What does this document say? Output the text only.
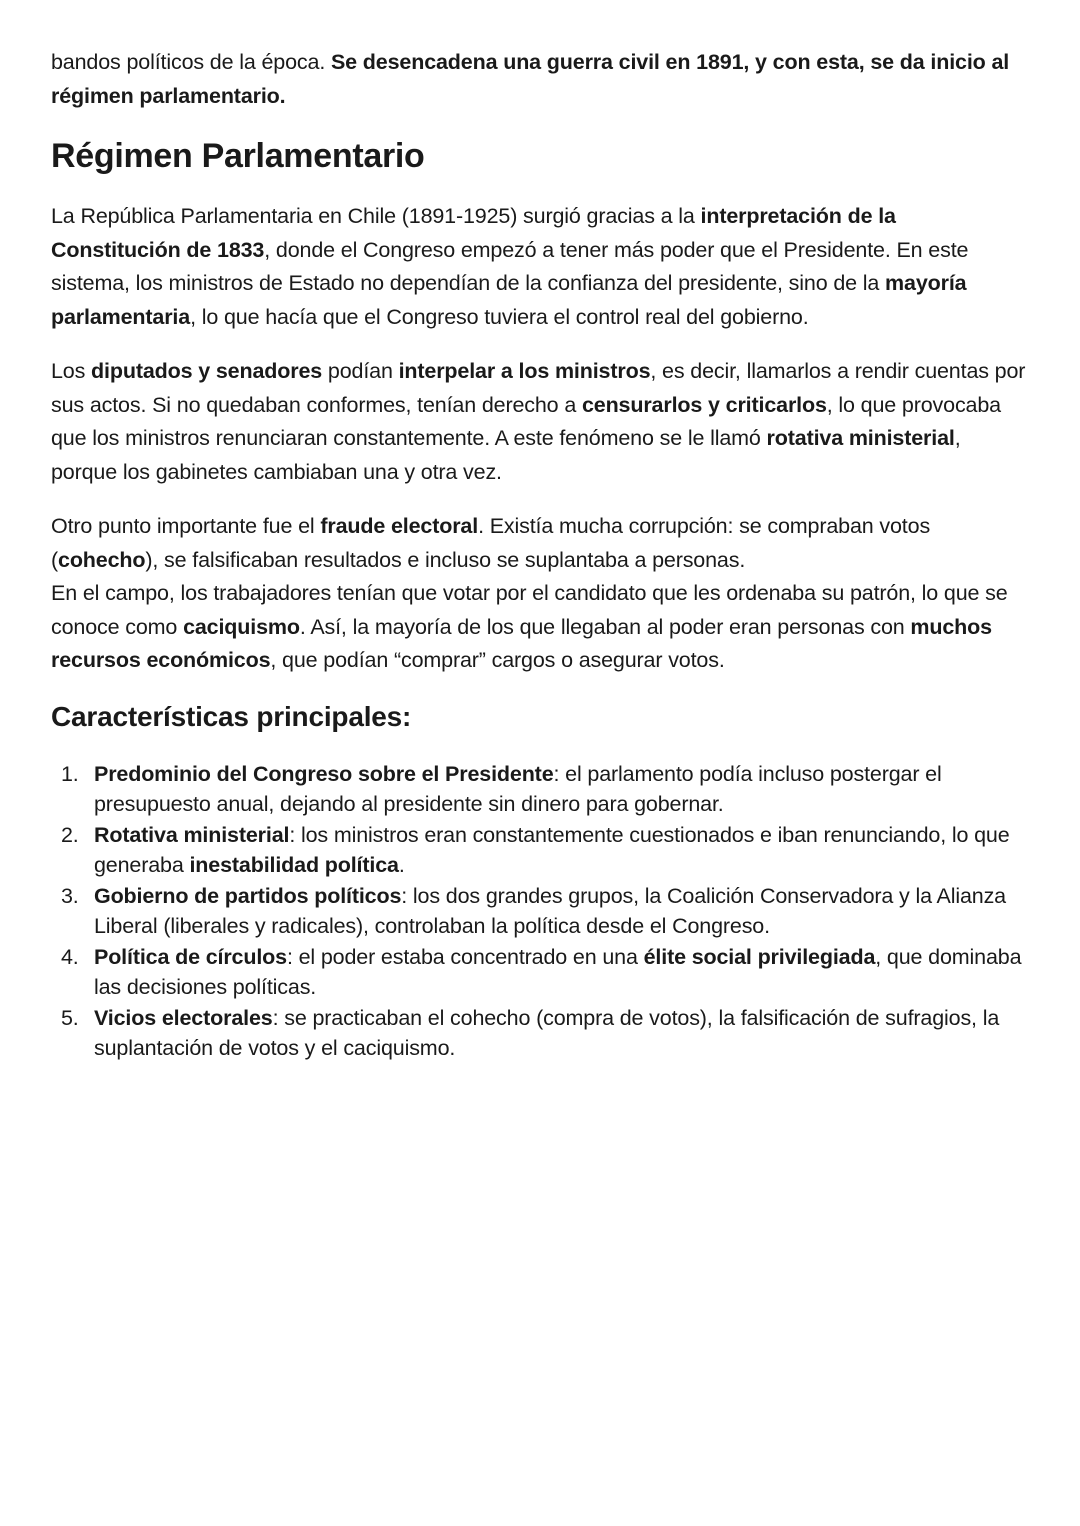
bandos políticos de la época. Se desencadena una guerra civil en 1891, y con esta, se da inicio al régimen parlamentario.

Régimen Parlamentario

La República Parlamentaria en Chile (1891-1925) surgió gracias a la interpretación de la Constitución de 1833, donde el Congreso empezó a tener más poder que el Presidente. En este sistema, los ministros de Estado no dependían de la confianza del presidente, sino de la mayoría parlamentaria, lo que hacía que el Congreso tuviera el control real del gobierno.

Los diputados y senadores podían interpelar a los ministros, es decir, llamarlos a rendir cuentas por sus actos. Si no quedaban conformes, tenían derecho a censurarlos y criticarlos, lo que provocaba que los ministros renunciaran constantemente. A este fenómeno se le llamó rotativa ministerial, porque los gabinetes cambiaban una y otra vez.

Otro punto importante fue el fraude electoral. Existía mucha corrupción: se compraban votos (cohecho), se falsificaban resultados e incluso se suplantaba a personas.
En el campo, los trabajadores tenían que votar por el candidato que les ordenaba su patrón, lo que se conoce como caciquismo. Así, la mayoría de los que llegaban al poder eran personas con muchos recursos económicos, que podían “comprar” cargos o asegurar votos.

Características principales:
1. Predominio del Congreso sobre el Presidente: el parlamento podía incluso postergar el presupuesto anual, dejando al presidente sin dinero para gobernar.
2. Rotativa ministerial: los ministros eran constantemente cuestionados e iban renunciando, lo que generaba inestabilidad política.
3. Gobierno de partidos políticos: los dos grandes grupos, la Coalición Conservadora y la Alianza Liberal (liberales y radicales), controlaban la política desde el Congreso.
4. Política de círculos: el poder estaba concentrado en una élite social privilegiada, que dominaba las decisiones políticas.
5. Vicios electorales: se practicaban el cohecho (compra de votos), la falsificación de sufragios, la suplantación de votos y el caciquismo.
